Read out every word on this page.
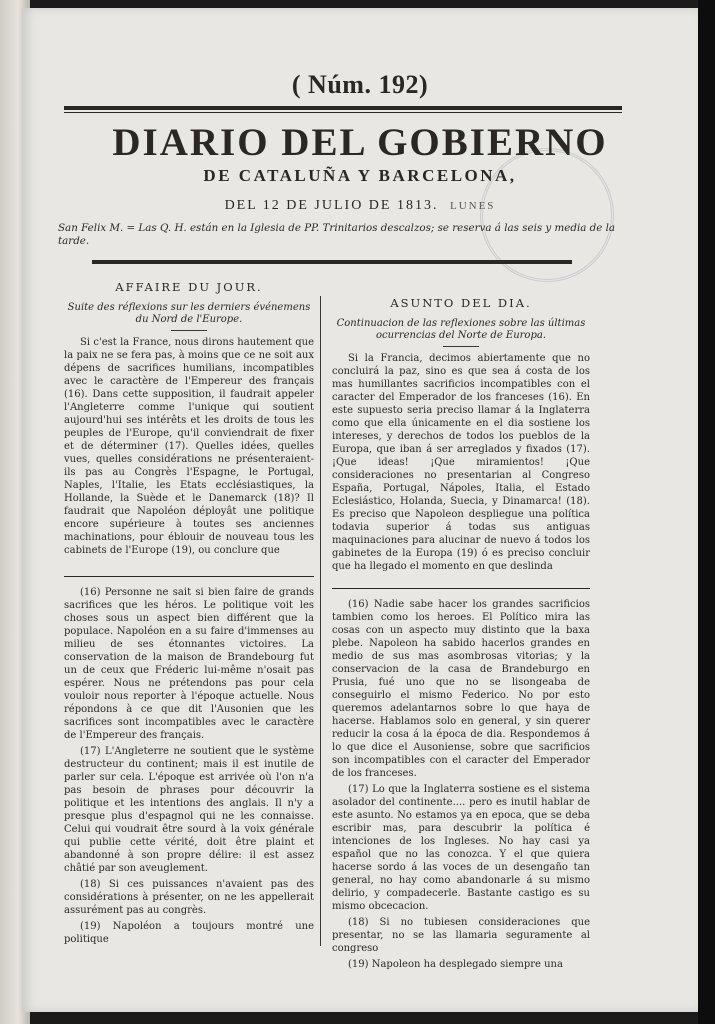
( Núm. 192)
DIARIO DEL GOBIERNO
DE CATALUÑA Y BARCELONA,
DEL 12 DE JULIO DE 1813. LUNES
San Felix M. = Las Q. H. están en la Iglesia de PP. Trinitarios descalzos; se reserva á las seis y media de la tarde.
AFFAIRE DU JOUR.
Suite des réflexions sur les derniers événemens du Nord de l'Europe.

Si c'est la France, nous dirons hautement que la paix ne se fera pas, à moins que ce ne soit aux dépens de sacrifices humilians, incompatibles avec le caractère de l'Empereur des français (16). Dans cette supposition, il faudrait appeler l'Angleterre comme l'unique qui soutient aujourd'hui ses intérêts et les droits de tous les peuples de l'Europe, qu'il conviendrait de fixer et de déterminer (17). Quelles idées, quelles vues, quelles considérations ne présenteraient-ils pas au Congrès l'Espagne, le Portugal, Naples, l'Italie, les Etats ecclésiastiques, la Hollande, la Suède et le Danemarck (18)? Il faudrait que Napoléon déployât une politique encore supérieure à toutes ses anciennes machinations, pour éblouir de nouveau tous les cabinets de l'Europe (19), ou conclure que

(16) Personne ne sait si bien faire de grands sacrifices que les héros. Le politique voit les choses sous un aspect bien différent que la populace. Napoléon en a su faire d'immenses au milieu de ses étonnantes victoires. La conservation de la maison de Brandebourg fut un de ceux que Fréderic lui-même n'osait pas espérer. Nous ne prétendons pas pour cela vouloir nous reporter à l'époque actuelle. Nous répondons à ce que dit l'Ausonien que les sacrifices sont incompatibles avec le caractère de l'Empereur des français.

(17) L'Angleterre ne soutient que le système destructeur du continent; mais il est inutile de parler sur cela. L'époque est arrivée où l'on n'a pas besoin de phrases pour découvrir la politique et les intentions des anglais. Il n'y a presque plus d'espagnol qui ne les connaisse. Celui qui voudrait être sourd à la voix générale qui publie cette vérité, doit être plaint et abandonné à son propre délire: il est assez châtié par son aveuglement.

(18) Si ces puissances n'avaient pas des considérations à présenter, on ne les appellerait assurément pas au congrès.

(19) Napoléon a toujours montré une politique

ASUNTO DEL DIA.
Continuacion de las reflexiones sobre las últimas ocurrencias del Norte de Europa.

Si la Francia, decimos abiertamente que no concluirá la paz, sino es que sea á costa de los mas humillantes sacrificios incompatibles con el caracter del Emperador de los franceses (16). En este supuesto seria preciso llamar á la Inglaterra como que ella únicamente en el dia sostiene los intereses, y derechos de todos los pueblos de la Europa, que iban á ser arreglados y fixados (17). ¡Que ideas! ¡Que miramientos! ¡Que consideraciones no presentarian al Congreso España, Portugal, Nápoles, Italia, el Estado Eclesiástico, Holanda, Suecia, y Dinamarca! (18). Es preciso que Napoleon despliegue una política todavia superior á todas sus antiguas maquinaciones para alucinar de nuevo á todos los gabinetes de la Europa (19) ó es preciso concluir que ha llegado el momento en que deslinda

(16) Nadie sabe hacer los grandes sacrificios tambien como los heroes. El Político mira las cosas con un aspecto muy distinto que la baxa plebe. Napoleon ha sabido hacerlos grandes en medio de sus mas asombrosas vitorias; y la conservacion de la casa de Brandeburgo en Prusia, fué uno que no se lisongeaba de conseguirlo el mismo Federico. No por esto queremos adelantarnos sobre lo que haya de hacerse. Hablamos solo en general, y sin querer reducir la cosa á la época de dia. Respondemos á lo que dice el Ausoniense, sobre que sacrificios son incompatibles con el caracter del Emperador de los franceses.

(17) Lo que la Inglaterra sostiene es el sistema asolador del continente.... pero es inutil hablar de este asunto. No estamos ya en epoca, que se deba escribir mas, para descubrir la política é intenciones de los Ingleses. No hay casi ya español que no las conozca. Y el que quiera hacerse sordo á las voces de un desengaño tan general, no hay como abandonarle á su mismo delirio, y compadecerle. Bastante castigo es su mismo obcecacion.

(18) Si no tubiesen consideraciones que presentar, no se las llamaria seguramente al congreso

(19) Napoleon ha desplegado siempre una
